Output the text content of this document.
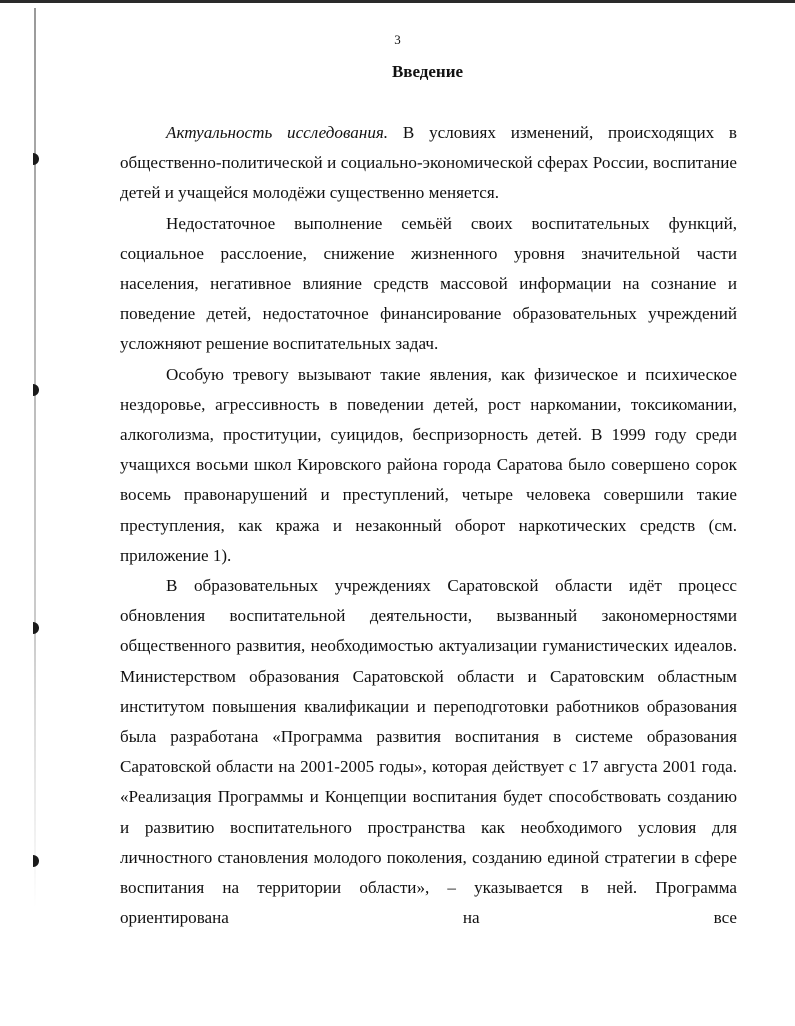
3
Введение

Актуальность исследования. В условиях изменений, происходящих в общественно-политической и социально-экономической сферах России, воспитание детей и учащейся молодёжи существенно меняется.

Недостаточное выполнение семьёй своих воспитательных функций, социальное расслоение, снижение жизненного уровня значительной части населения, негативное влияние средств массовой информации на сознание и поведение детей, недостаточное финансирование образовательных учреждений усложняют решение воспитательных задач.

Особую тревогу вызывают такие явления, как физическое и психическое нездоровье, агрессивность в поведении детей, рост наркомании, токсикомании, алкоголизма, проституции, суицидов, беспризорность детей. В 1999 году среди учащихся восьми школ Кировского района города Саратова было совершено сорок восемь правонарушений и преступлений, четыре человека совершили такие преступления, как кража и незаконный оборот наркотических средств (см. приложение 1).

В образовательных учреждениях Саратовской области идёт процесс обновления воспитательной деятельности, вызванный закономерностями общественного развития, необходимостью актуализации гуманистических идеалов. Министерством образования Саратовской области и Саратовским областным институтом повышения квалификации и переподготовки работников образования была разработана «Программа развития воспитания в системе образования Саратовской области на 2001-2005 годы», которая действует с 17 августа 2001 года. «Реализация Программы и Концепции воспитания будет способствовать созданию и развитию воспитательного пространства как необходимого условия для личностного становления молодого поколения, созданию единой стратегии в сфере воспитания на территории области», – указывается в ней. Программа ориентирована на все
